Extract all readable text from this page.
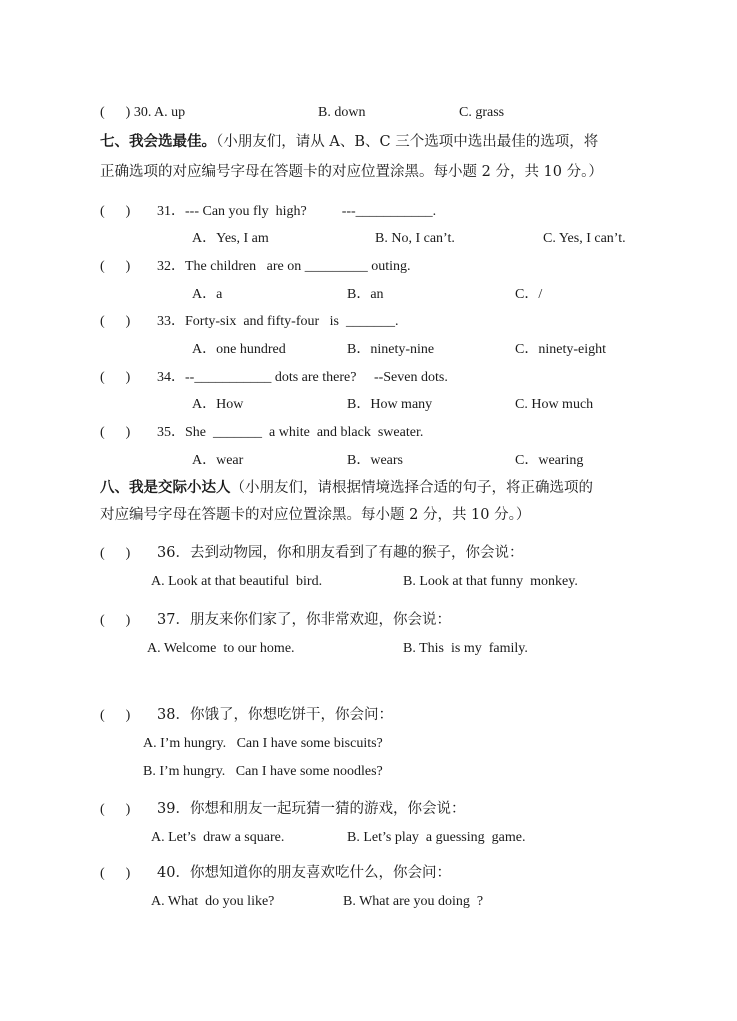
(      ) 30. A. up	B. down	C. grass
七、我会选最佳。（小朋友们，请从 A、B、C 三个选项中选出最佳的选项，将
正确选项的对应编号字母在答题卡的对应位置涂黑。每小题 2 分，共 10 分。）
(      ) 31．--- Can you fly  high?          ---___________.
A．Yes, I am	B. No, I can’t.	C. Yes, I can’t.
(      ) 32．The children   are on _________ outing.
A．a	B．an	C．/
(      ) 33．Forty-six  and fifty-four   is  _______.
A．one hundred	B．ninety-nine	C．ninety-eight
(      ) 34．--___________ dots are there?     --Seven dots.
A．How	B．How many	C. How much
(      ) 35．She  _______  a white  and black  sweater.
A．wear	B．wears	C．wearing
八、我是交际小达人（小朋友们，请根据情境选择合适的句子，将正确选项的
对应编号字母在答题卡的对应位置涂黑。每小题 2 分，共 10 分。）
(      ) 36．去到动物园，你和朋友看到了有趣的猴子，你会说：
A. Look at that beautiful  bird.	B. Look at that funny  monkey.
(      ) 37．朋友来你们家了，你非常欢迎，你会说：
A. Welcome  to our home.	B. This  is my  family.
(      ) 38．你饿了，你想吃饼干，你会问：
A. I’m hungry.   Can I have some biscuits?
B. I’m hungry.   Can I have some noodles?
(      ) 39．你想和朋友一起玩猜一猜的游戏，你会说：
A. Let’s  draw a square.	B. Let’s play  a guessing  game.
(      ) 40．你想知道你的朋友喜欢吃什么，你会问：
A. What  do you like?	B. What are you doing  ?
